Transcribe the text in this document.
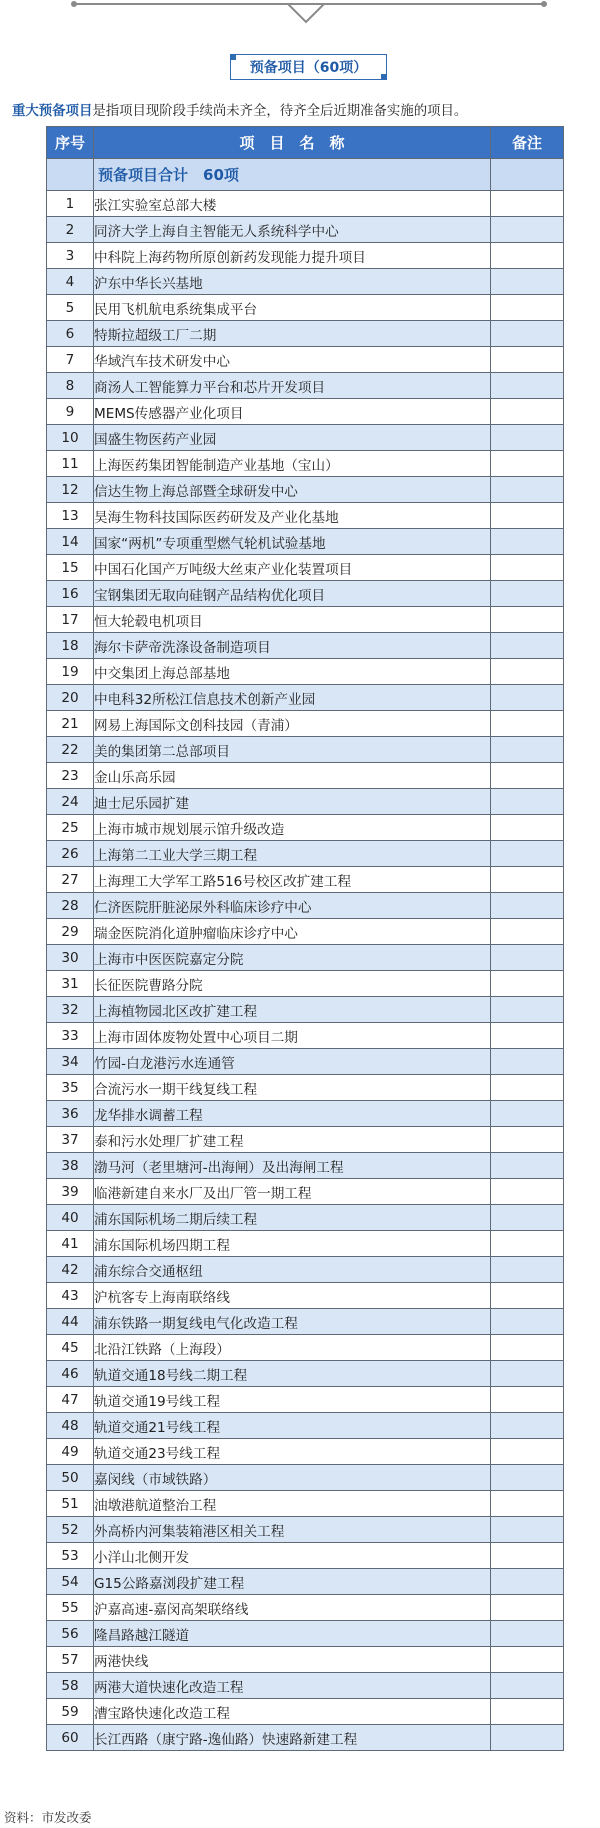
预备项目（60项）
重大预备项目是指项目现阶段手续尚未齐全，待齐全后近期准备实施的项目。
序号	项　目　名　称	备注
	预备项目合计　60项	
1	张江实验室总部大楼	
2	同济大学上海自主智能无人系统科学中心	
3	中科院上海药物所原创新药发现能力提升项目	
4	沪东中华长兴基地	
5	民用飞机航电系统集成平台	
6	特斯拉超级工厂二期	
7	华域汽车技术研发中心	
8	商汤人工智能算力平台和芯片开发项目	
9	MEMS传感器产业化项目	
10	国盛生物医药产业园	
11	上海医药集团智能制造产业基地（宝山）	
12	信达生物上海总部暨全球研发中心	
13	昊海生物科技国际医药研发及产业化基地	
14	国家“两机”专项重型燃气轮机试验基地	
15	中国石化国产万吨级大丝束产业化装置项目	
16	宝钢集团无取向硅钢产品结构优化项目	
17	恒大轮毂电机项目	
18	海尔卡萨帝洗涤设备制造项目	
19	中交集团上海总部基地	
20	中电科32所松江信息技术创新产业园	
21	网易上海国际文创科技园（青浦）	
22	美的集团第二总部项目	
23	金山乐高乐园	
24	迪士尼乐园扩建	
25	上海市城市规划展示馆升级改造	
26	上海第二工业大学三期工程	
27	上海理工大学军工路516号校区改扩建工程	
28	仁济医院肝脏泌尿外科临床诊疗中心	
29	瑞金医院消化道肿瘤临床诊疗中心	
30	上海市中医医院嘉定分院	
31	长征医院曹路分院	
32	上海植物园北区改扩建工程	
33	上海市固体废物处置中心项目二期	
34	竹园-白龙港污水连通管	
35	合流污水一期干线复线工程	
36	龙华排水调蓄工程	
37	泰和污水处理厂扩建工程	
38	渤马河（老里塘河-出海闸）及出海闸工程	
39	临港新建自来水厂及出厂管一期工程	
40	浦东国际机场二期后续工程	
41	浦东国际机场四期工程	
42	浦东综合交通枢纽	
43	沪杭客专上海南联络线	
44	浦东铁路一期复线电气化改造工程	
45	北沿江铁路（上海段）	
46	轨道交通18号线二期工程	
47	轨道交通19号线工程	
48	轨道交通21号线工程	
49	轨道交通23号线工程	
50	嘉闵线（市域铁路）	
51	油墩港航道整治工程	
52	外高桥内河集装箱港区相关工程	
53	小洋山北侧开发	
54	G15公路嘉浏段扩建工程	
55	沪嘉高速-嘉闵高架联络线	
56	隆昌路越江隧道	
57	两港快线	
58	两港大道快速化改造工程	
59	漕宝路快速化改造工程	
60	长江西路（康宁路-逸仙路）快速路新建工程	
资料：市发改委
